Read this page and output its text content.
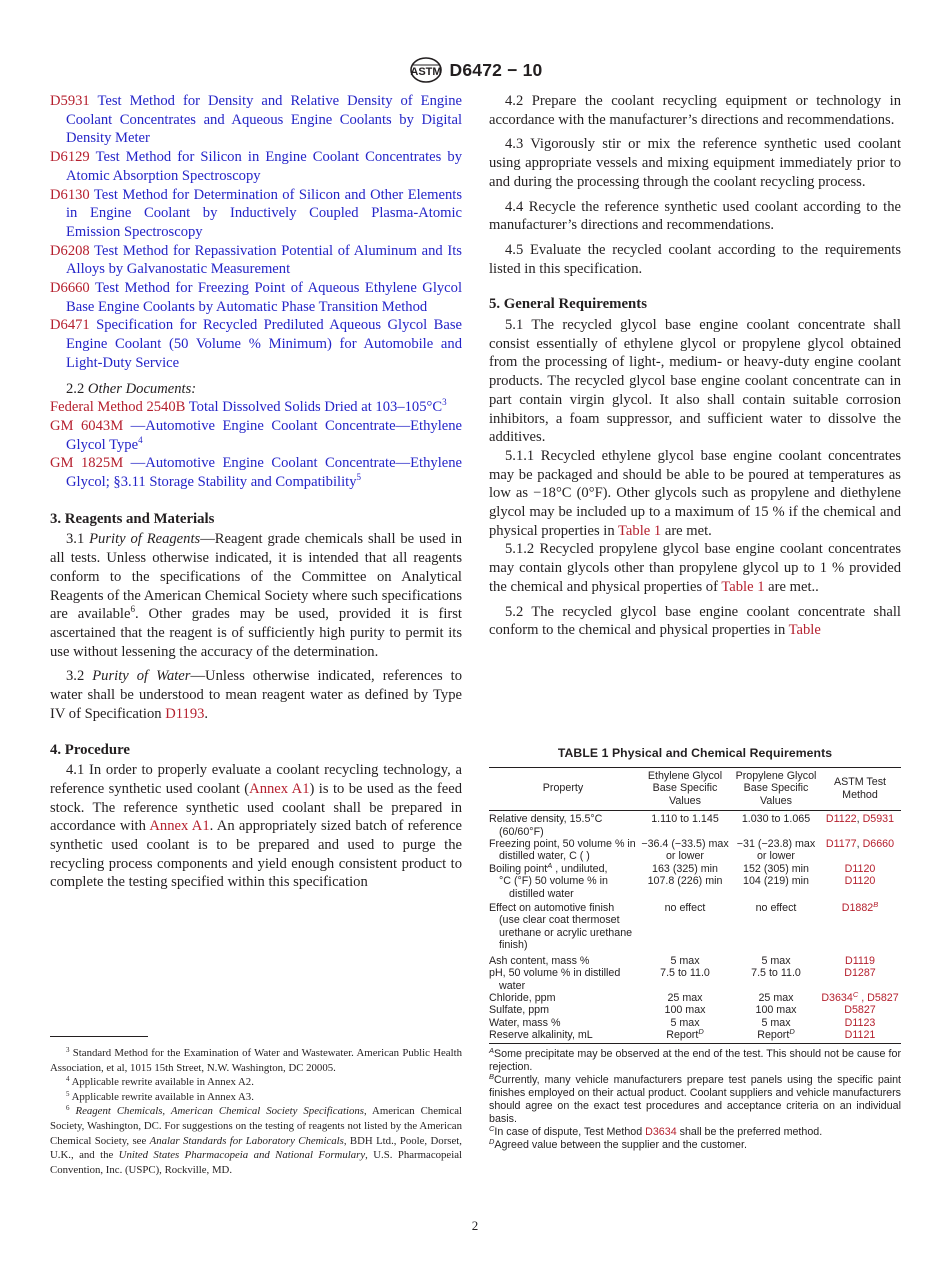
ASTM D6472 − 10
D5931 Test Method for Density and Relative Density of Engine Coolant Concentrates and Aqueous Engine Coolants by Digital Density Meter
D6129 Test Method for Silicon in Engine Coolant Concentrates by Atomic Absorption Spectroscopy
D6130 Test Method for Determination of Silicon and Other Elements in Engine Coolant by Inductively Coupled Plasma-Atomic Emission Spectroscopy
D6208 Test Method for Repassivation Potential of Aluminum and Its Alloys by Galvanostatic Measurement
D6660 Test Method for Freezing Point of Aqueous Ethylene Glycol Base Engine Coolants by Automatic Phase Transition Method
D6471 Specification for Recycled Prediluted Aqueous Glycol Base Engine Coolant (50 Volume % Minimum) for Automobile and Light-Duty Service
2.2 Other Documents:
Federal Method 2540B Total Dissolved Solids Dried at $103-105^\circ C^3$
GM 6043M —Automotive Engine Coolant Concentrate—Ethylene Glycol Type$^4$
GM 1825M —Automotive Engine Coolant Concentrate—Ethylene Glycol; §3.11 Storage Stability and Compatibility$^5$
3. Reagents and Materials
3.1 Purity of Reagents—Reagent grade chemicals shall be used in all tests. Unless otherwise indicated, it is intended that all reagents conform to the specifications of the Committee on Analytical Reagents of the American Chemical Society where such specifications are available$^6$. Other grades may be used, provided it is first ascertained that the reagent is of sufficiently high purity to permit its use without lessening the accuracy of the determination.
3.2 Purity of Water—Unless otherwise indicated, references to water shall be understood to mean reagent water as defined by Type IV of Specification D1193.
4. Procedure
4.1 In order to properly evaluate a coolant recycling technology, a reference synthetic used coolant (Annex A1) is to be used as the feed stock. The reference synthetic used coolant shall be prepared in accordance with Annex A1. An appropriately sized batch of reference synthetic used coolant is to be prepared and used to purge the recycling process components and yield enough consistent product to complete the testing specified within this specification
$^3$ Standard Method for the Examination of Water and Wastewater. American Public Health Association, et al, 1015 15th Street, N.W. Washington, DC 20005.
$^4$ Applicable rewrite available in Annex A2.
$^5$ Applicable rewrite available in Annex A3.
$^6$ Reagent Chemicals, American Chemical Society Specifications, American Chemical Society, Washington, DC. For suggestions on the testing of reagents not listed by the American Chemical Society, see Analar Standards for Laboratory Chemicals, BDH Ltd., Poole, Dorset, U.K., and the United States Pharmacopeia and National Formulary, U.S. Pharmacopeial Convention, Inc. (USPC), Rockville, MD.
4.2 Prepare the coolant recycling equipment or technology in accordance with the manufacturer’s directions and recommendations.
4.3 Vigorously stir or mix the reference synthetic used coolant using appropriate vessels and mixing equipment immediately prior to and during the processing through the coolant recycling process.
4.4 Recycle the reference synthetic used coolant according to the manufacturer’s directions and recommendations.
4.5 Evaluate the recycled coolant according to the requirements listed in this specification.
5. General Requirements
5.1 The recycled glycol base engine coolant concentrate shall consist essentially of ethylene glycol or propylene glycol obtained from the processing of light-, medium- or heavy-duty engine coolant products. The recycled glycol base engine coolant concentrate can in part contain virgin glycol. It also shall contain suitable corrosion inhibitors, a foam suppressor, and sufficient water to dissolve the additives.
5.1.1 Recycled ethylene glycol base engine coolant concentrates may be packaged and should be able to be poured at temperatures as low as −18°C (0°F). Other glycols such as propylene and diethylene glycol may be included up to a maximum of 15 % if the chemical and physical properties in Table 1 are met.
5.1.2 Recycled propylene glycol base engine coolant concentrates may contain glycols other than propylene glycol up to 1 % provided the chemical and physical properties of Table 1 are met..
5.2 The recycled glycol base engine coolant concentrate shall conform to the chemical and physical properties in Table
TABLE 1 Physical and Chemical Requirements
Property	Ethylene Glycol Base Specific Values	Propylene Glycol Base Specific Values	ASTM Test Method
Relative density, 15.5°C (60/60°F)	1.110 to 1.145	1.030 to 1.065	D1122, D5931
Freezing point, 50 volume % in distilled water, C ( )	−36.4 (−33.5) max or lower	−31 (−23.8) max or lower	D1177, D6660
Boiling point$^A$ , undiluted,	163 (325) min	152 (305) min	D1120
°C (°F) 50 volume % in distilled water	107.8 (226) min	104 (219) min	D1120
Effect on automotive finish (use clear coat thermoset urethane or acrylic urethane finish)	no effect	no effect	$D1882^B$
Ash content, mass %	5 max	5 max	D1119
pH, 50 volume % in distilled water	7.5 to 11.0	7.5 to 11.0	D1287
Chloride, ppm	25 max	25 max	$D3634^C$ , D5827
Sulfate, ppm	100 max	100 max	D5827
Water, mass %	5 max	5 max	D1123
Reserve alkalinity, mL	Report$^D$	Report$^D$	D1121
$^A$Some precipitate may be observed at the end of the test. This should not be cause for rejection.
$^B$Currently, many vehicle manufacturers prepare test panels using the specific paint finishes employed on their actual product. Coolant suppliers and vehicle manufacturers should agree on the exact test procedures and acceptance criteria on an individual basis.
$^C$In case of dispute, Test Method D3634 shall be the preferred method.
$^D$Agreed value between the supplier and the customer.
2
